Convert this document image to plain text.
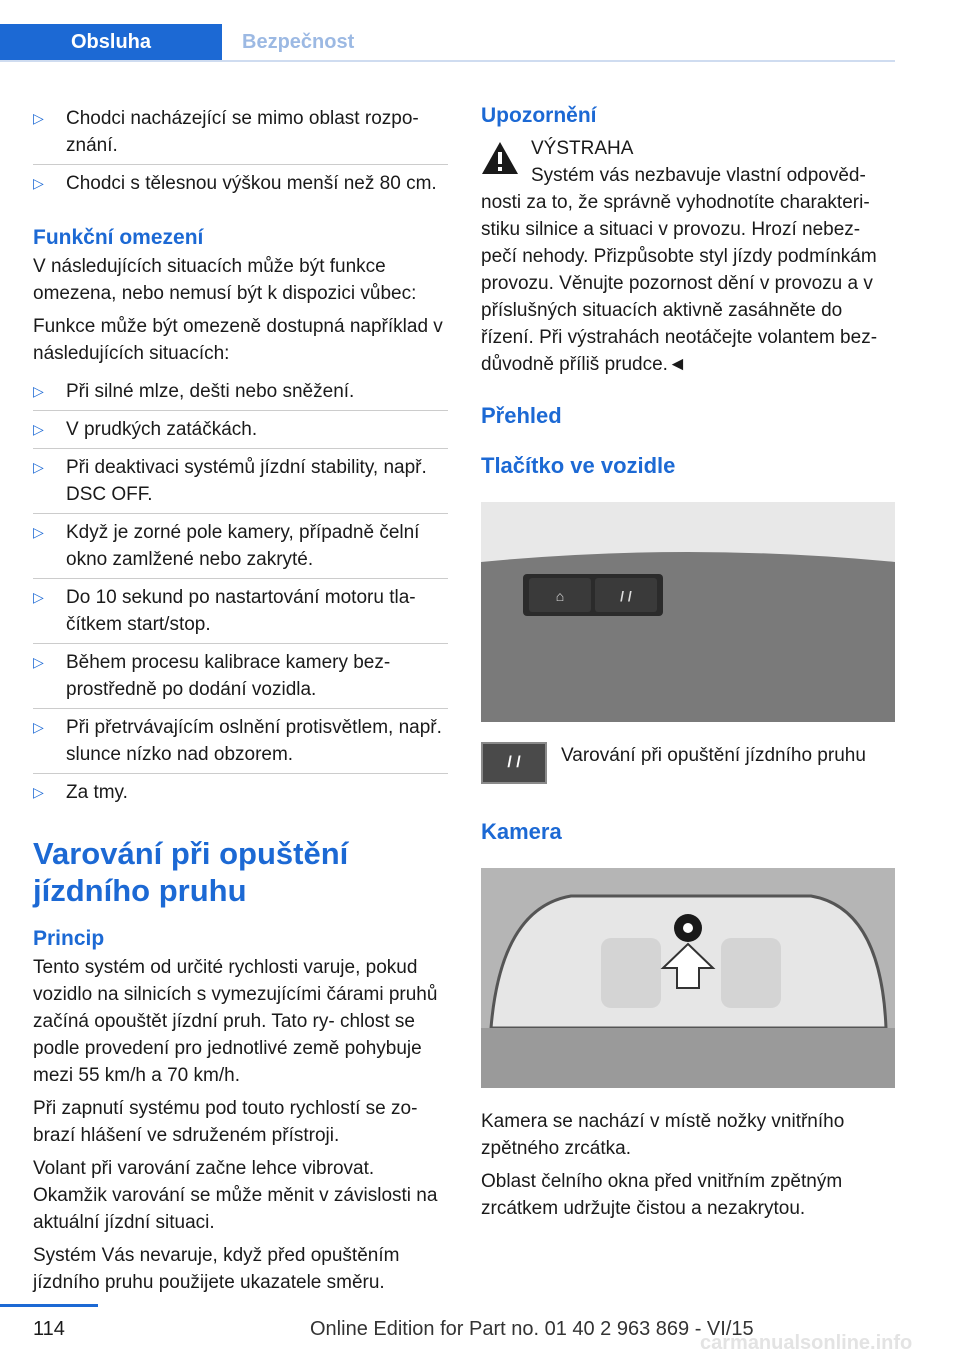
Obsluha	Bezpečnost
▷ Chodci nacházející se mimo oblast rozpo- znání.
▷ Chodci s tělesnou výškou menší než 80 cm.
Funkční omezení

V následujících situacích může být funkce omezena, nebo nemusí být k dispozici vůbec:

Funkce může být omezeně dostupná například v následujících situacích:

▷ Při silné mlze, dešti nebo sněžení.
▷ V prudkých zatáčkách.
▷ Při deaktivaci systémů jízdní stability, např. DSC OFF.
▷ Když je zorné pole kamery, případně čelní okno zamlžené nebo zakryté.
▷ Do 10 sekund po nastartování motoru tla- čítkem start/stop.
▷ Během procesu kalibrace kamery bez- prostředně po dodání vozidla.
▷ Při přetrvávajícím oslnění protisvětlem, např. slunce nízko nad obzorem.
▷ Za tmy.
Varování při opuštění jízdního pruhu
Princip

Tento systém od určité rychlosti varuje, pokud vozidlo na silnicích s vymezujícími čárami pruhů začíná opouštět jízdní pruh. Tato ry- chlost se podle provedení pro jednotlivé země pohybuje mezi 55 km/h a 70 km/h.

Při zapnutí systému pod touto rychlostí se zo- brazí hlášení ve sdruženém přístroji.

Volant při varování začne lehce vibrovat. Okamžik varování se může měnit v závislosti na aktuální jízdní situaci.

Systém Vás nevaruje, když před opuštěním jízdního pruhu použijete ukazatele směru.

Upozornění

VÝSTRAHA

Systém vás nezbavuje vlastní odpověd- nosti za to, že správně vyhodnotíte charakteri- stiku silnice a situaci v provozu. Hrozí nebez- pečí nehody. Přizpůsobte styl jízdy podmínkám provozu. Věnujte pozornost dění v provozu a v příslušných situacích aktivně zasáhněte do řízení. Při výstrahách neotáčejte volantem bez- důvodně příliš prudce.◄

Přehled
Tlačítko ve vozidle
⌂	/ /
/ /	Varování při opuštění jízdního pruhu
Kamera

Kamera se nachází v místě nožky vnitřního zpětného zrcátka.

Oblast čelního okna před vnitřním zpětným zrcátkem udržujte čistou a nezakrytou.

114	Online Edition for Part no. 01 40 2 963 869 - VI/15
carmanualsonline.info
